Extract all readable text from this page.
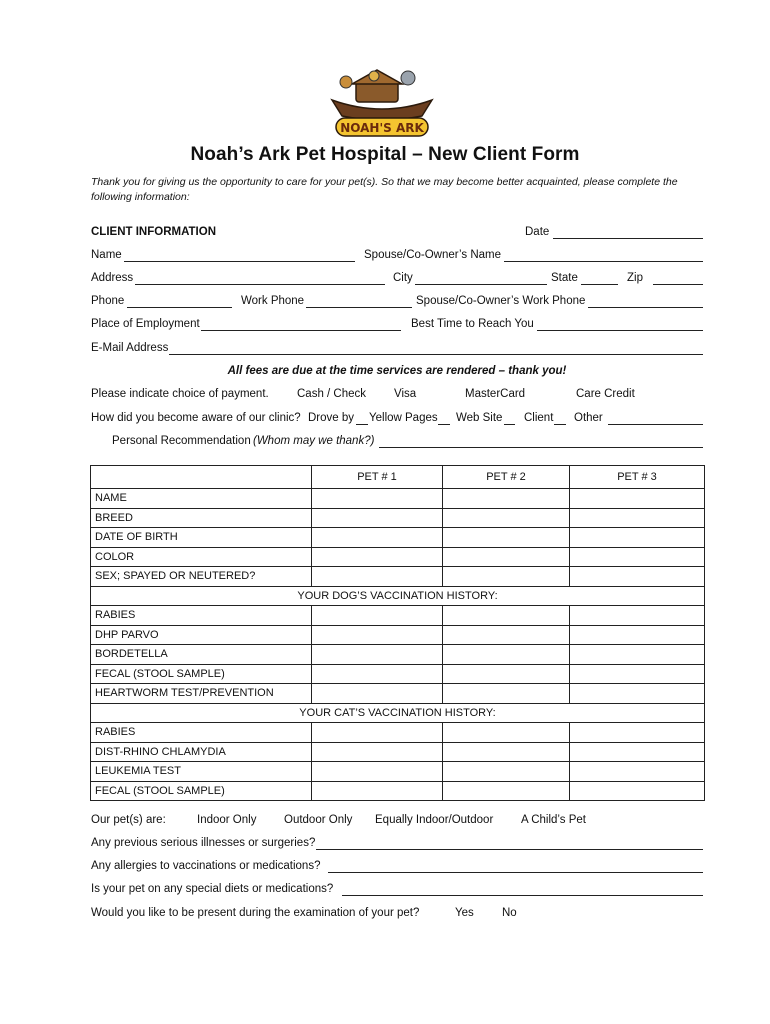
NOAH'S ARK
Noah’s Ark Pet Hospital – New Client Form
Thank you for giving us the opportunity to care for your pet(s). So that we may become better acquainted, please complete the following information:
CLIENT INFORMATION	Date
Name	Spouse/Co-Owner’s Name
Address	City	State	Zip
Phone	Work Phone	Spouse/Co-Owner’s Work Phone
Place of Employment	Best Time to Reach You
E-Mail Address
All fees are due at the time services are rendered – thank you!
Please indicate choice of payment. Cash / Check Visa	MasterCard	Care Credit
How did you become aware of our clinic? Drove by Yellow Pages Web Site Client Other
Personal Recommendation (Whom may we thank?)
	PET # 1	PET # 2	PET # 3
NAME			
BREED			
DATE OF BIRTH			
COLOR			
SEX; SPAYED OR NEUTERED?			
YOUR DOG’S VACCINATION HISTORY:			
RABIES			
DHP PARVO			
BORDETELLA			
FECAL (STOOL SAMPLE)			
HEARTWORM TEST/PREVENTION			
YOUR CAT’S VACCINATION HISTORY:			
RABIES			
DIST-RHINO CHLAMYDIA			
LEUKEMIA TEST			
FECAL (STOOL SAMPLE)			
Our pet(s) are:	Indoor Only Outdoor Only Equally Indoor/Outdoor A Child’s Pet
Any previous serious illnesses or surgeries?
Any allergies to vaccinations or medications?
Is your pet on any special diets or medications?
Would you like to be present during the examination of your pet?	Yes No
